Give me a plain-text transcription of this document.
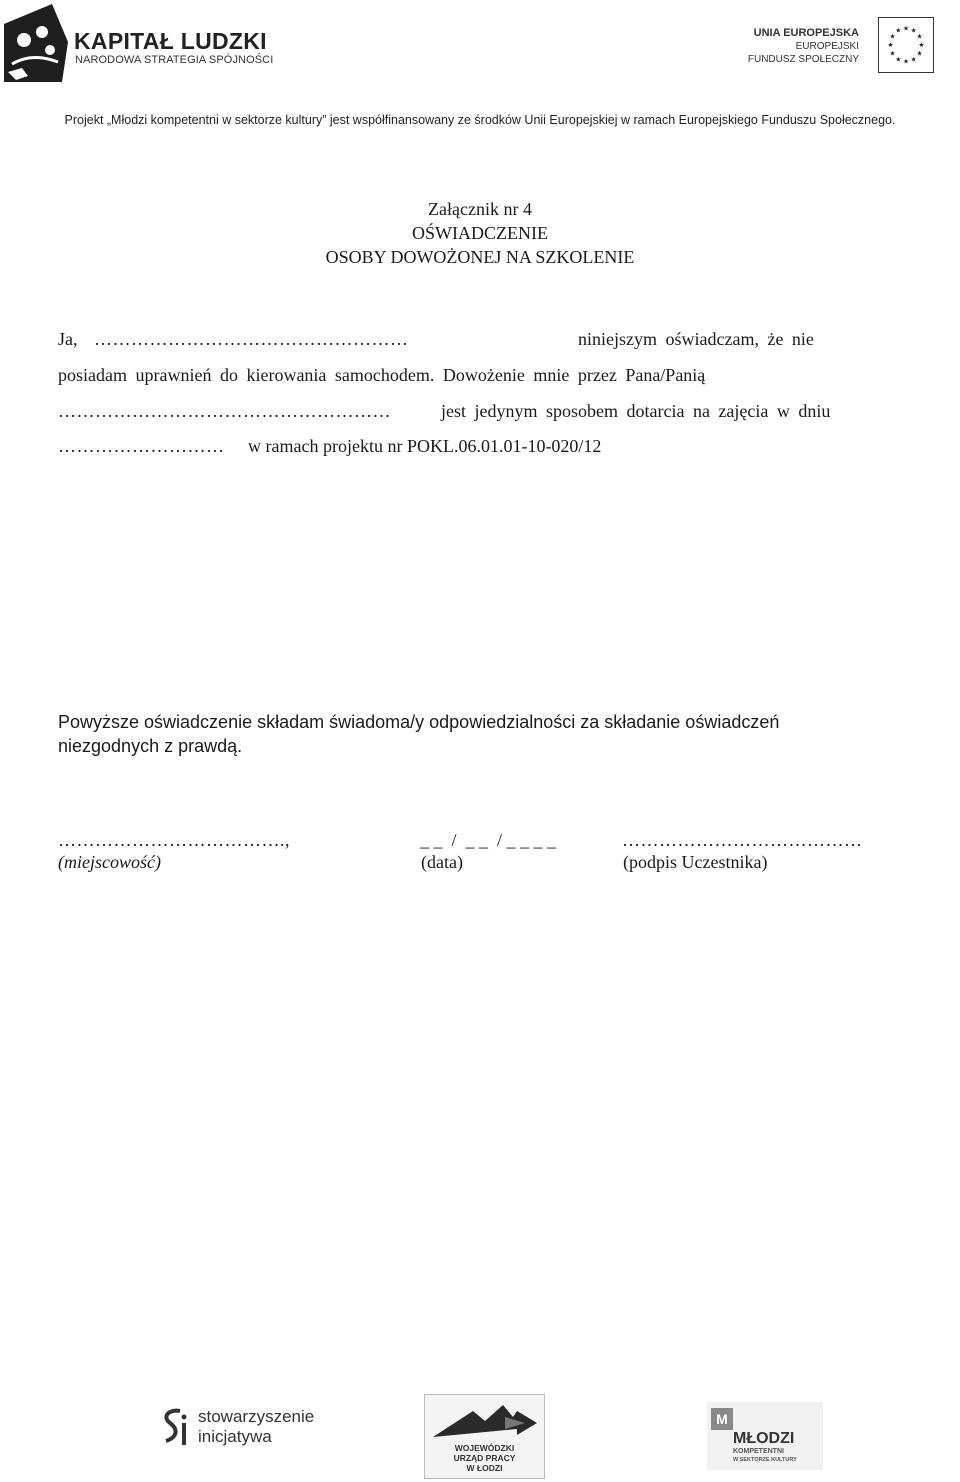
KAPITAŁ LUDZKI
NARODOWA STRATEGIA SPÓJNOŚCI
UNIA EUROPEJSKA
EUROPEJSKI
FUNDUSZ SPOŁECZNY
★ ★
★
★
★
★
★
★
★
★
★
★
Projekt „Młodzi kompetentni w sektorze kultury” jest współfinansowany ze środków Unii Europejskiej w ramach Europejskiego Funduszu Społecznego.
Załącznik nr 4
OŚWIADCZENIE
OSOBY DOWOŻONEJ NA SZKOLENIE
Ja, ……………………………………………	niniejszym oświadczam, że nie
posiadam uprawnień do kierowania samochodem. Dowożenie mnie przez Pana/Panią
………………………………………………	jest jedynym sposobem dotarcia na zajęcia w dniu
……………………… w ramach projektu nr POKL.06.01.01-10-020/12
Powyższe oświadczenie składam świadoma/y odpowiedzialności za składanie oświadczeń niezgodnych z prawdą.
……………………………….,	_ _  /  _ _  / _ _ _ _	…………………………………
(miejscowość)	(data)	(podpis Uczestnika)
stowarzyszenie
inicjatywa
WOJEWÓDZKI
URZĄD PRACY
W ŁODZI
M
MŁODZI
KOMPETENTNI
W SEKTORZE KULTURY
